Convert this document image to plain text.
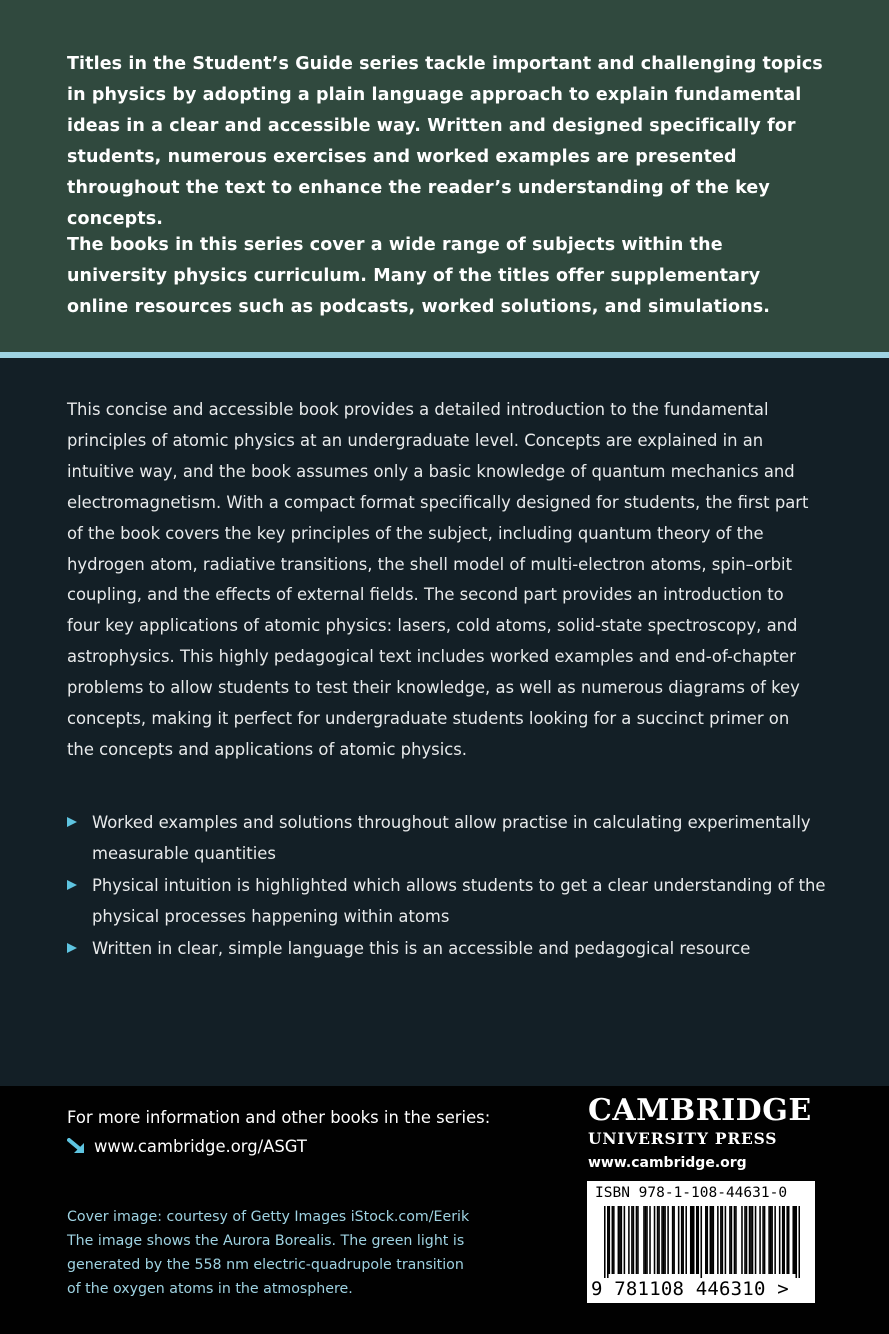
Titles in the Student’s Guide series tackle important and challenging topics in physics by adopting a plain language approach to explain fundamental ideas in a clear and accessible way. Written and designed specifically for students, numerous exercises and worked examples are presented throughout the text to enhance the reader’s understanding of the key concepts.

The books in this series cover a wide range of subjects within the university physics curriculum. Many of the titles offer supplementary online resources such as podcasts, worked solutions, and simulations.

This concise and accessible book provides a detailed introduction to the fundamental principles of atomic physics at an undergraduate level. Concepts are explained in an intuitive way, and the book assumes only a basic knowledge of quantum mechanics and electromagnetism. With a compact format specifically designed for students, the first part of the book covers the key principles of the subject, including quantum theory of the hydrogen atom, radiative transitions, the shell model of multi-electron atoms, spin–orbit coupling, and the effects of external fields. The second part provides an introduction to four key applications of atomic physics: lasers, cold atoms, solid-state spectroscopy, and astrophysics. This highly pedagogical text includes worked examples and end-of-chapter problems to allow students to test their knowledge, as well as numerous diagrams of key concepts, making it perfect for undergraduate students looking for a succinct primer on the concepts and applications of atomic physics.

Worked examples and solutions throughout allow practise in calculating experimentally measurable quantities
Physical intuition is highlighted which allows students to get a clear understanding of the physical processes happening within atoms
Written in clear, simple language this is an accessible and pedagogical resource
For more information and other books in the series:
www.cambridge.org/ASGT
Cover image: courtesy of Getty Images iStock.com/Eerik
The image shows the Aurora Borealis. The green light is
generated by the 558 nm electric-quadrupole transition
of the oxygen atoms in the atmosphere.
CAMBRIDGE
UNIVERSITY PRESS
www.cambridge.org
ISBN 978-1-108-44631-0
9 781108 446310 >
